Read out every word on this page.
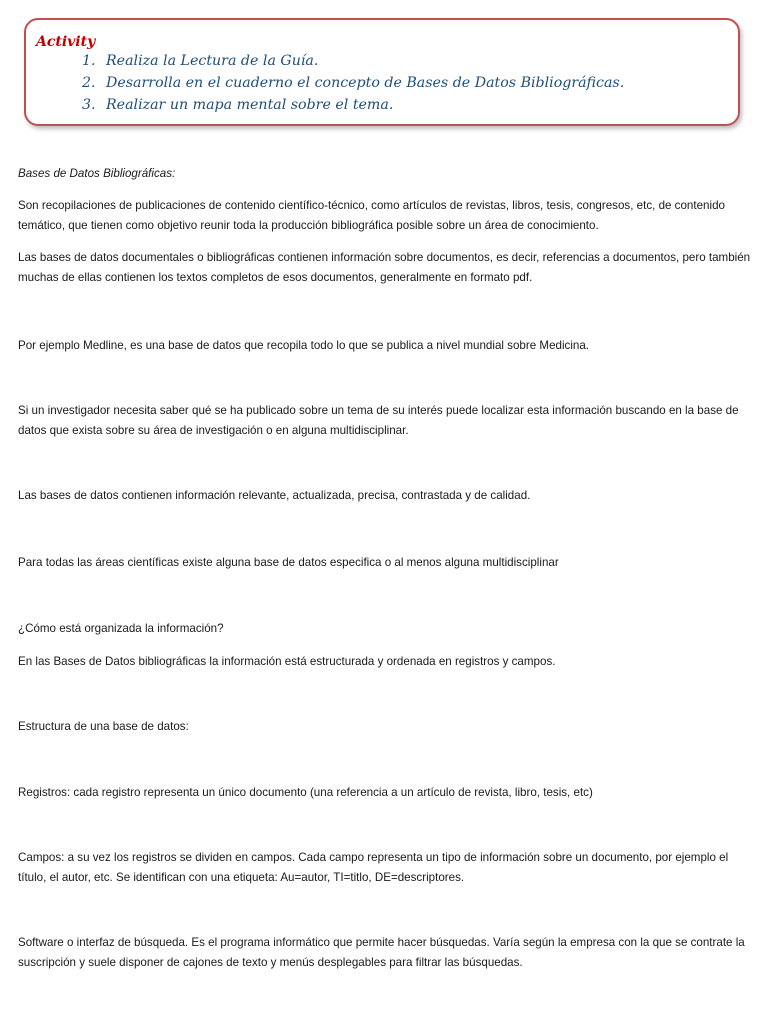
Activity

1. Realiza la Lectura de la Guía.
2. Desarrolla en el cuaderno el concepto de Bases de Datos Bibliográficas.
3. Realizar un mapa mental sobre el tema.

Bases de Datos Bibliográficas:

Son recopilaciones de publicaciones de contenido científico-técnico, como artículos de revistas, libros, tesis, congresos, etc, de contenido temático, que tienen como objetivo reunir toda la producción bibliográfica posible sobre un área de conocimiento.

Las bases de datos documentales o bibliográficas contienen información sobre documentos, es decir, referencias a documentos, pero también muchas de ellas contienen los textos completos de esos documentos, generalmente en formato pdf.

Por ejemplo Medline, es una base de datos que recopila todo lo que se publica a nivel mundial sobre Medicina.

Si un investigador necesita saber qué se ha publicado sobre un tema de su interés puede localizar esta información buscando en la base de datos que exista sobre su área de investigación o en alguna multidisciplinar.

Las bases de datos contienen información relevante, actualizada, precisa, contrastada y de calidad.

Para todas las áreas científicas existe alguna base de datos especifica o al menos alguna multidisciplinar

¿Cómo está organizada la información?

En las Bases de Datos bibliográficas la información está estructurada y ordenada en registros y campos.

Estructura de una base de datos:

Registros: cada registro representa un único documento (una referencia a un artículo de revista, libro, tesis, etc)

Campos: a su vez los registros se dividen en campos. Cada campo representa un tipo de información sobre un documento, por ejemplo el título, el autor, etc. Se identifican con una etiqueta: Au=autor, TI=titlo, DE=descriptores.

Software o interfaz de búsqueda. Es el programa informático que permite hacer búsquedas. Varía según la empresa con la que se contrate la suscripción y suele disponer de cajones de texto y menús desplegables para filtrar las búsquedas.
